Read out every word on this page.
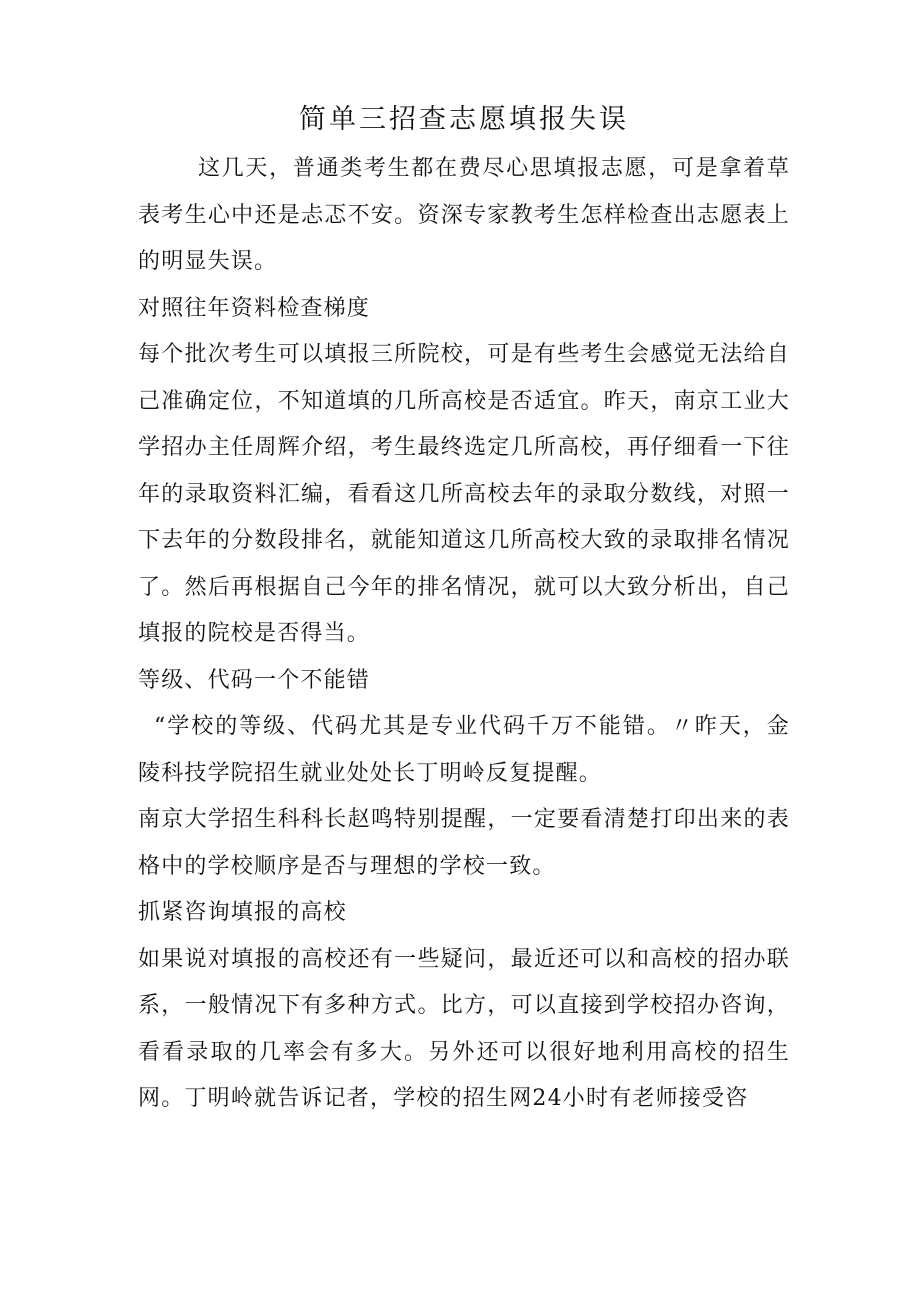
简单三招查志愿填报失误

这几天，普通类考生都在费尽心思填报志愿，可是拿着草表考生心中还是忐忑不安。资深专家教考生怎样检查出志愿表上的明显失误。

对照往年资料检查梯度

每个批次考生可以填报三所院校，可是有些考生会感觉无法给自己准确定位，不知道填的几所高校是否适宜。昨天，南京工业大学招办主任周辉介绍，考生最终选定几所高校，再仔细看一下往年的录取资料汇编，看看这几所高校去年的录取分数线，对照一下去年的分数段排名，就能知道这几所高校大致的录取排名情况了。然后再根据自己今年的排名情况，就可以大致分析出，自己填报的院校是否得当。

等级、代码一个不能错

“学校的等级、代码尤其是专业代码千万不能错。〃昨天，金陵科技学院招生就业处处长丁明岭反复提醒。

南京大学招生科科长赵鸣特别提醒，一定要看清楚打印出来的表格中的学校顺序是否与理想的学校一致。

抓紧咨询填报的高校

如果说对填报的高校还有一些疑问，最近还可以和高校的招办联系，一般情况下有多种方式。比方，可以直接到学校招办咨询，看看录取的几率会有多大。另外还可以很好地利用高校的招生网。丁明岭就告诉记者，学校的招生网24小时有老师接受咨
